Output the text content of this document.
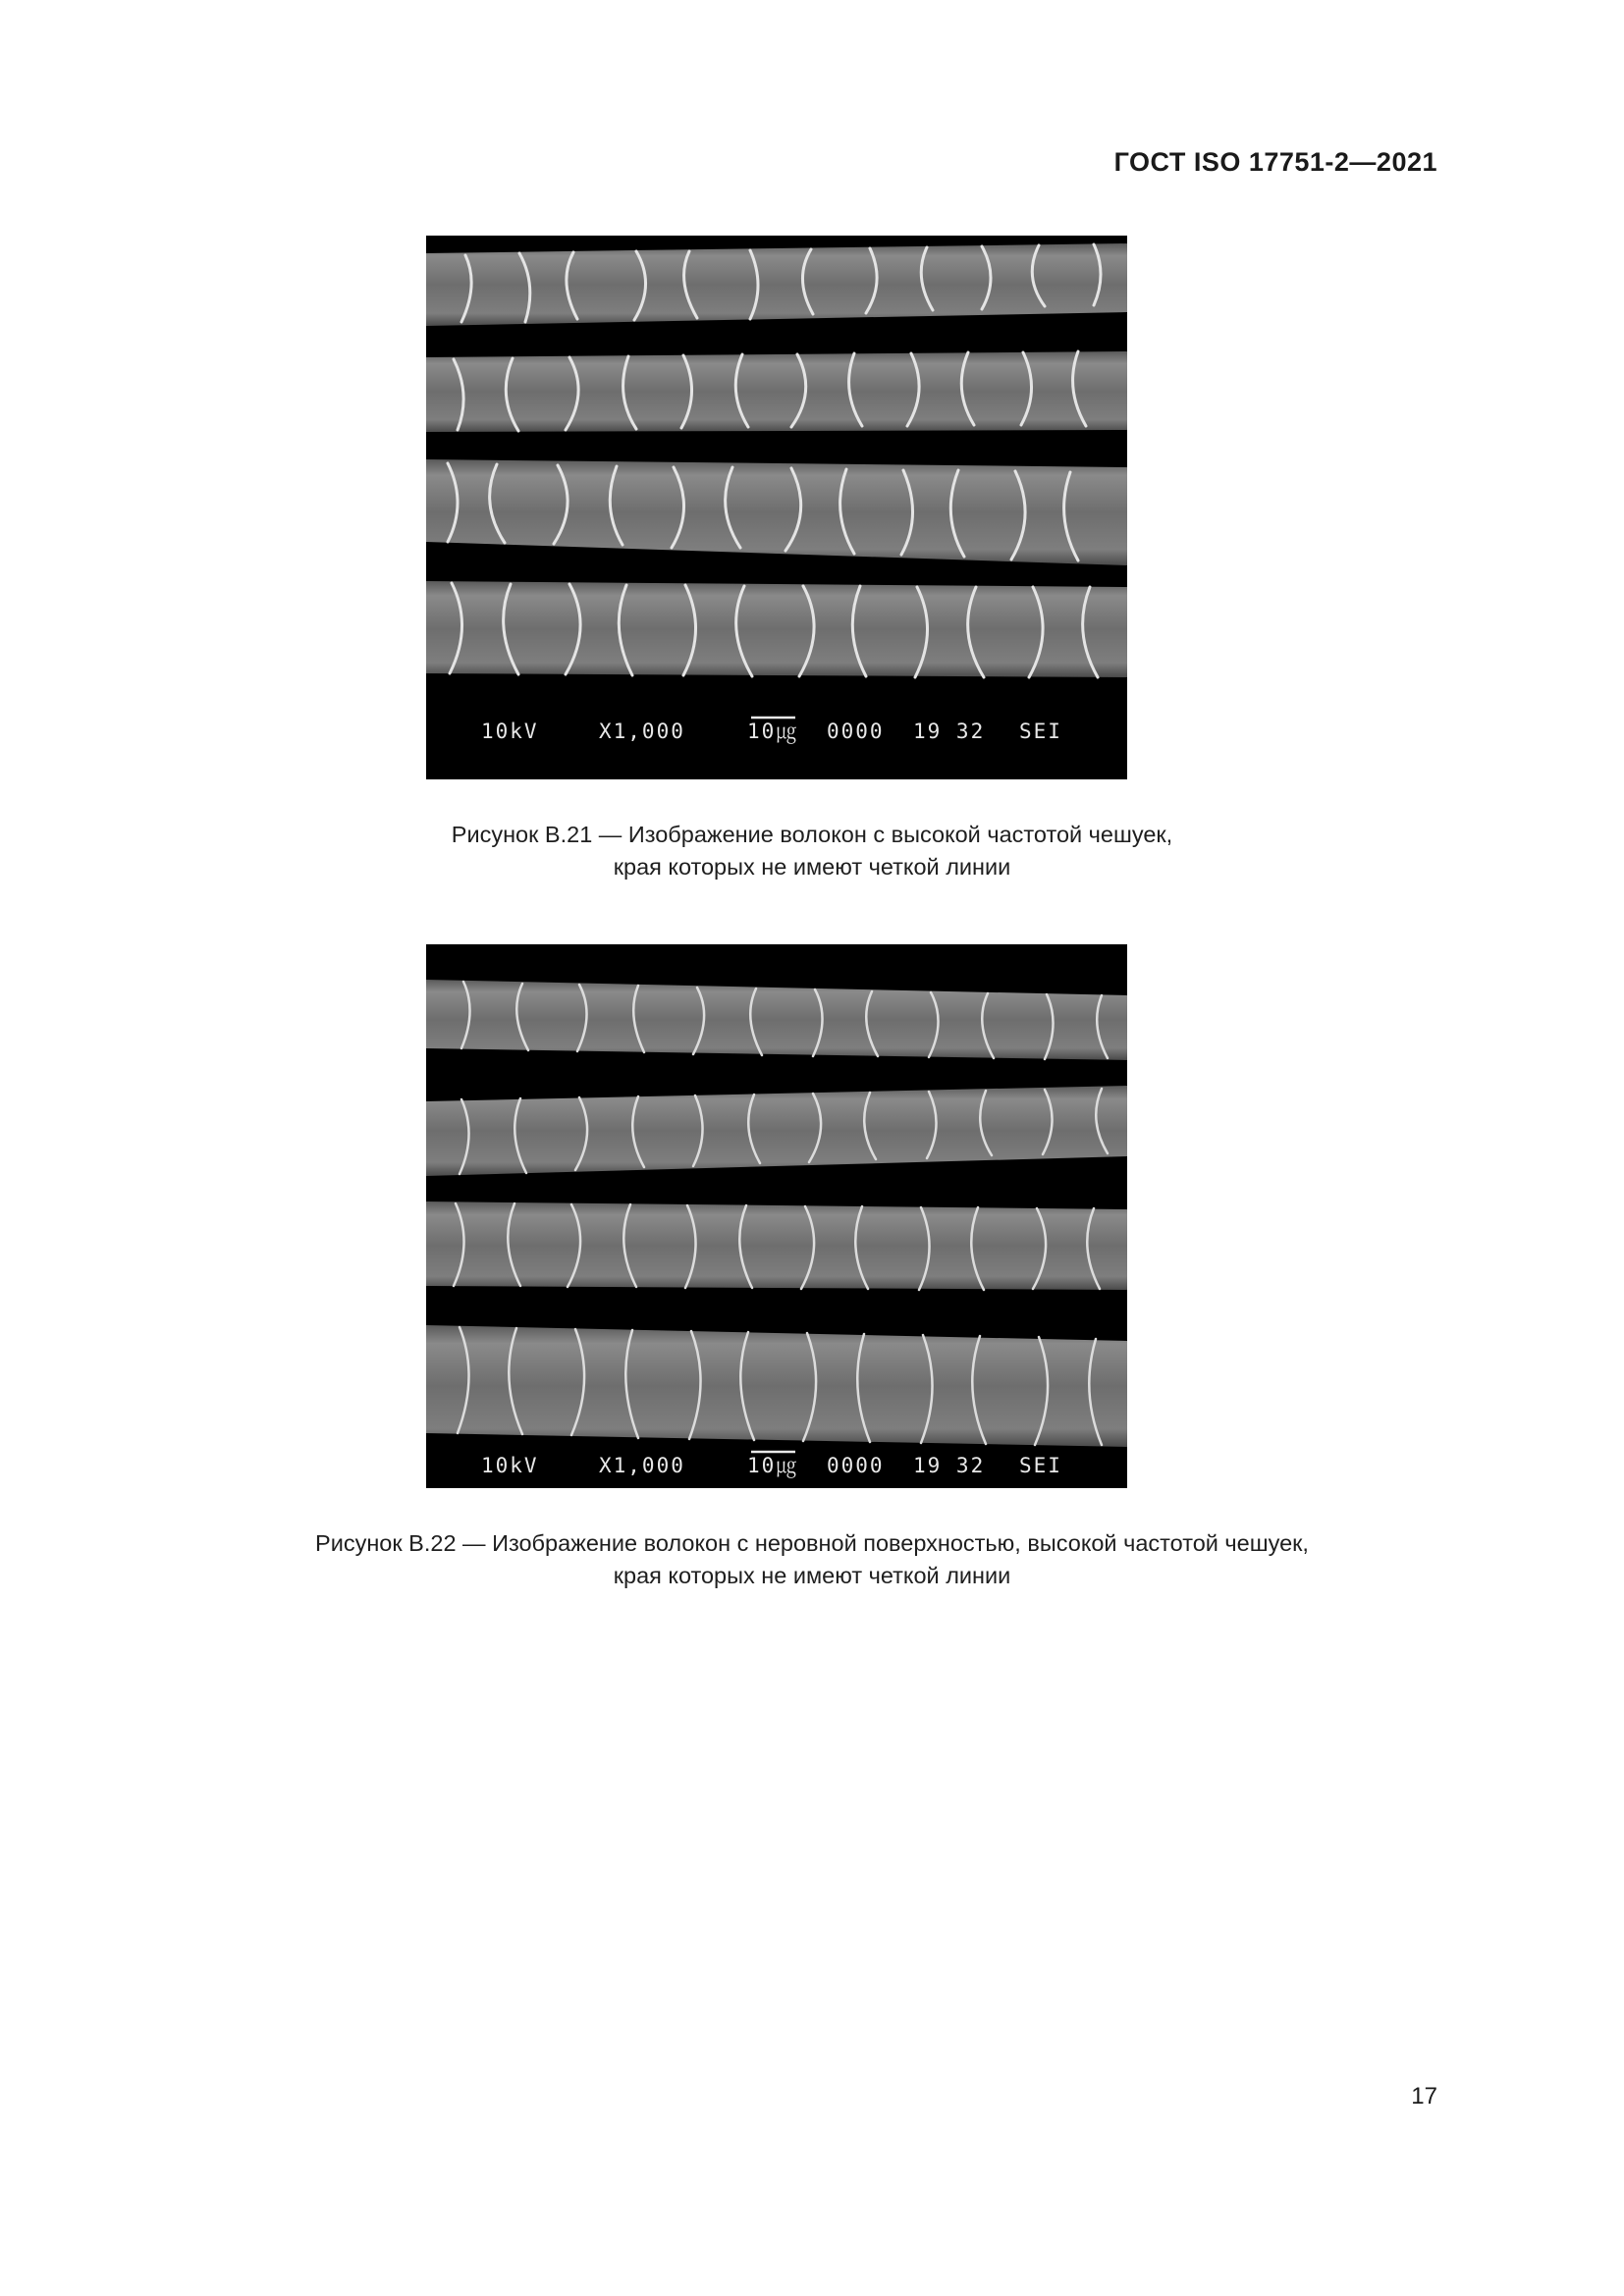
ГОСТ ISO 17751-2—2021
10kV	X1,000	10㎍ 0000 19 32 SEI
Рисунок В.21 — Изображение волокон с высокой частотой чешуек,
края которых не имеют четкой линии
10kV	X1,000	10㎍ 0000 19 32 SEI
Рисунок В.22 — Изображение волокон с неровной поверхностью, высокой частотой чешуек,
края которых не имеют четкой линии
17
